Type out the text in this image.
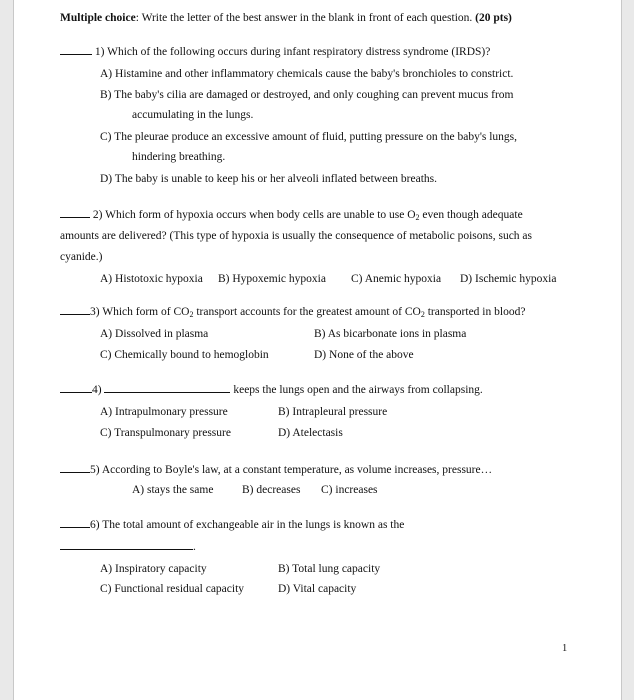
Multiple choice: Write the letter of the best answer in the blank in front of each question. (20 pts)
1) Which of the following occurs during infant respiratory distress syndrome (IRDS)?
A) Histamine and other inflammatory chemicals cause the baby's bronchioles to constrict.
B) The baby's cilia are damaged or destroyed, and only coughing can prevent mucus from
accumulating in the lungs.
C) The pleurae produce an excessive amount of fluid, putting pressure on the baby's lungs,
hindering breathing.
D) The baby is unable to keep his or her alveoli inflated between breaths.
2) Which form of hypoxia occurs when body cells are unable to use $O_2$ even though adequate
amounts are delivered? (This type of hypoxia is usually the consequence of metabolic poisons, such as
cyanide.)
A) Histotoxic hypoxia B) Hypoxemic hypoxia C) Anemic hypoxia D) Ischemic hypoxia
3) Which form of $CO_2$ transport accounts for the greatest amount of $CO_2$ transported in blood?
A) Dissolved in plasma	B) As bicarbonate ions in plasma
C) Chemically bound to hemoglobin	D) None of the above
4)	keeps the lungs open and the airways from collapsing.
A) Intrapulmonary pressure	B) Intrapleural pressure
C) Transpulmonary pressure	D) Atelectasis
5) According to Boyle's law, at a constant temperature, as volume increases, pressure…
A) stays the same B) decreases C) increases
6) The total amount of exchangeable air in the lungs is known as the
.
A) Inspiratory capacity	B) Total lung capacity
C) Functional residual capacity	D) Vital capacity
1
